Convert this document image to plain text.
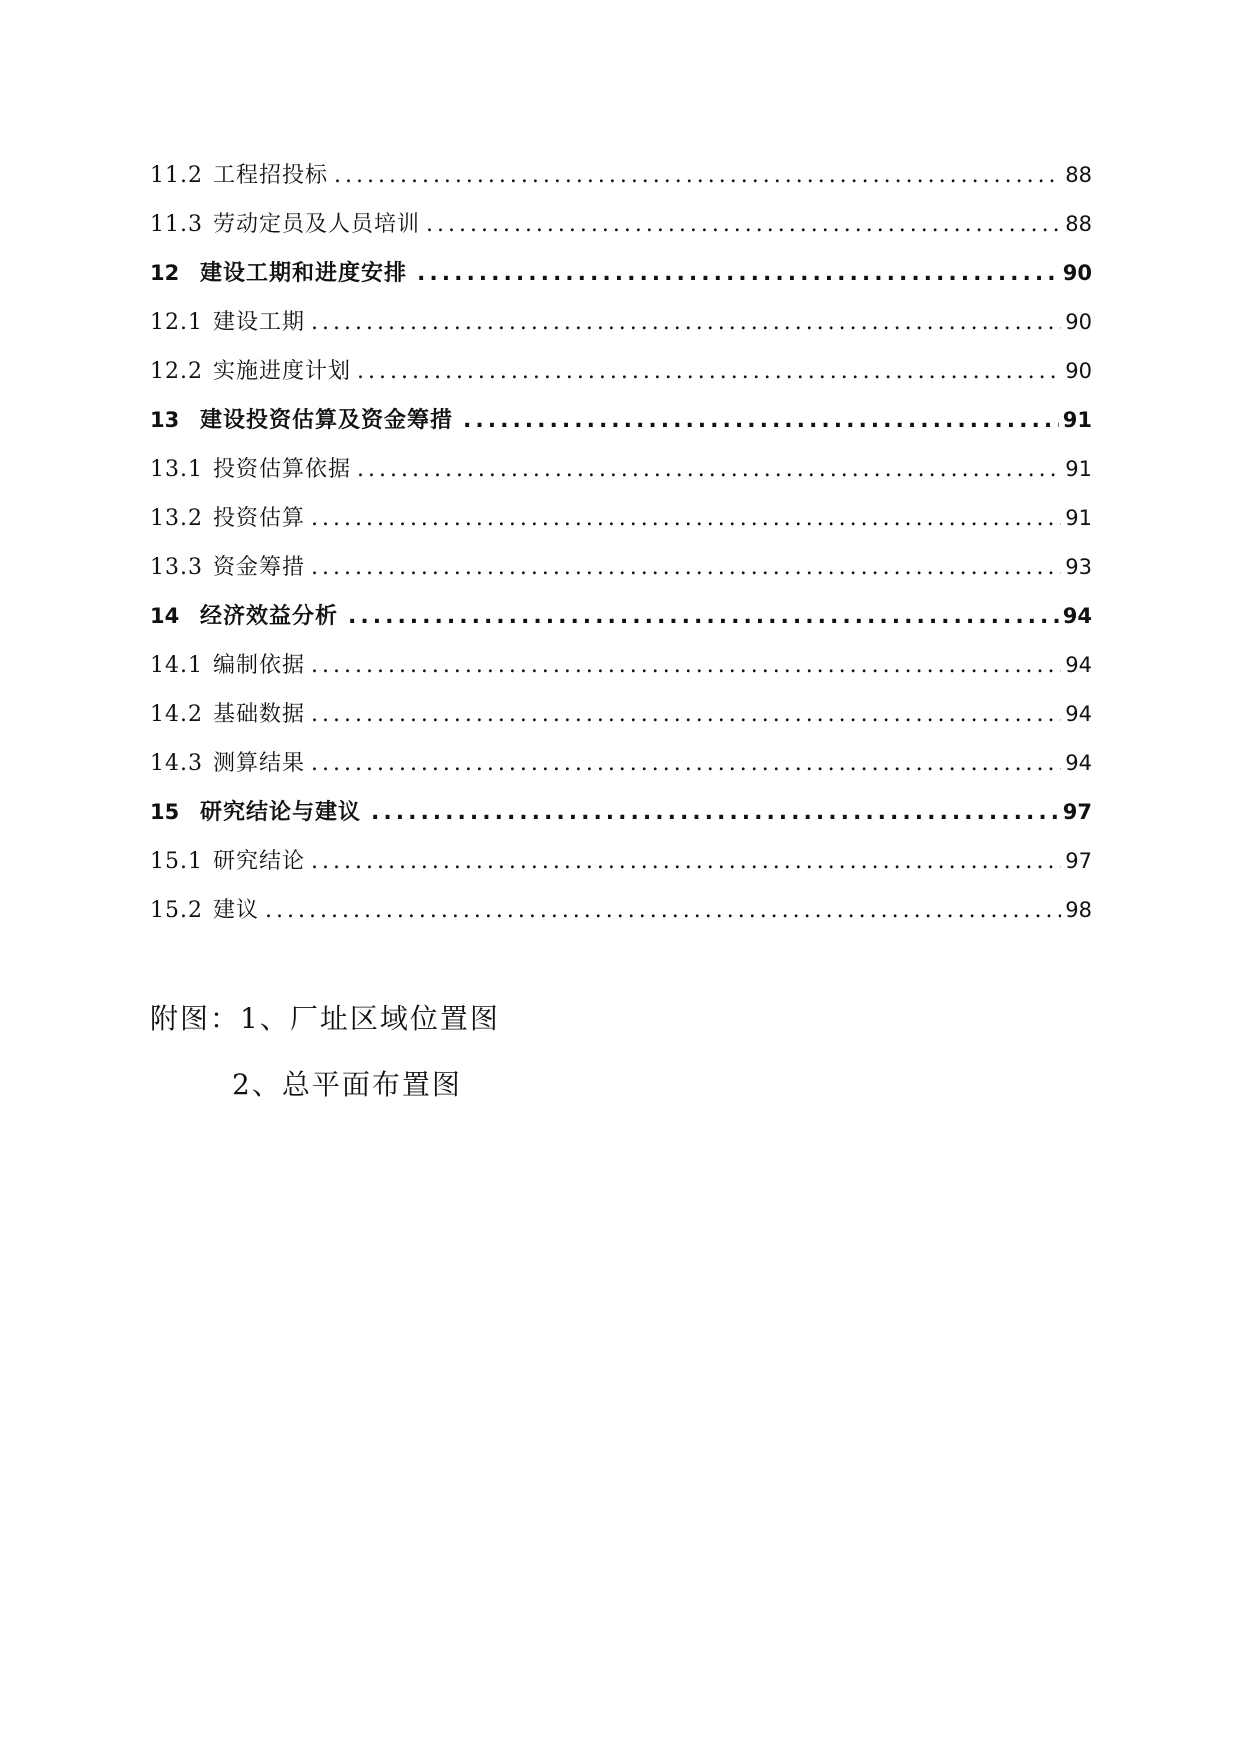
11.2 工程招投标 .....	88
11.3 劳动定员及人员培训 .....	88
12 建设工期和进度安排 .....	90
12.1 建设工期 .....	90
12.2 实施进度计划 .....	90
13 建设投资估算及资金筹措 .....	91
13.1 投资估算依据 .....	91
13.2 投资估算 .....	91
13.3 资金筹措 .....	93
14 经济效益分析 .....	94
14.1 编制依据 .....	94
14.2 基础数据 .....	94
14.3 测算结果 .....	94
15 研究结论与建议 .....	97
15.1 研究结论 .....	97
15.2 建议 .....	98
附图：1、厂址区域位置图
2、总平面布置图
